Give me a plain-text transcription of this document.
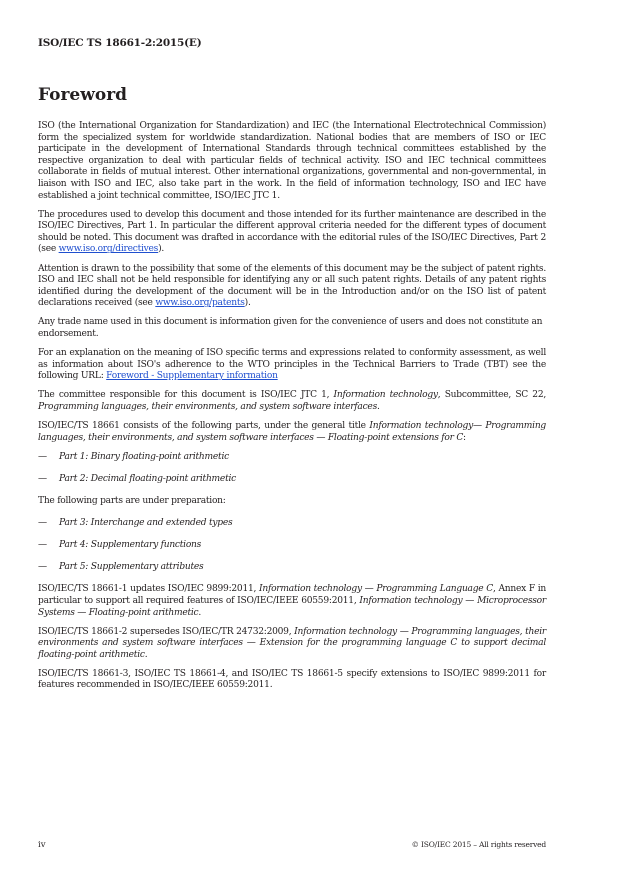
ISO/IEC TS 18661-2:2015(E)
Foreword

ISO (the International Organization for Standardization) and IEC (the International Electrotechnical Commission) form the specialized system for worldwide standardization. National bodies that are members of ISO or IEC participate in the development of International Standards through technical committees established by the respective organization to deal with particular fields of technical activity. ISO and IEC technical committees collaborate in fields of mutual interest. Other international organizations, governmental and non-governmental, in liaison with ISO and IEC, also take part in the work. In the field of information technology, ISO and IEC have established a joint technical committee, ISO/IEC JTC 1.

The procedures used to develop this document and those intended for its further maintenance are described in the ISO/IEC Directives, Part 1. In particular the different approval criteria needed for the different types of document should be noted. This document was drafted in accordance with the editorial rules of the ISO/IEC Directives, Part 2 (see www.iso.org/directives).

Attention is drawn to the possibility that some of the elements of this document may be the subject of patent rights. ISO and IEC shall not be held responsible for identifying any or all such patent rights. Details of any patent rights identified during the development of the document will be in the Introduction and/or on the ISO list of patent declarations received (see www.iso.org/patents).

Any trade name used in this document is information given for the convenience of users and does not constitute an endorsement.

For an explanation on the meaning of ISO specific terms and expressions related to conformity assessment, as well as information about ISO's adherence to the WTO principles in the Technical Barriers to Trade (TBT) see the following URL: Foreword - Supplementary information

The committee responsible for this document is ISO/IEC JTC 1, Information technology, Subcommittee, SC 22, Programming languages, their environments, and system software interfaces.

ISO/IEC/TS 18661 consists of the following parts, under the general title Information technology— Programming languages, their environments, and system software interfaces — Floating-point extensions for C:

—	Part 1: Binary floating-point arithmetic
—	Part 2: Decimal floating-point arithmetic

The following parts are under preparation:

—	Part 3: Interchange and extended types
—	Part 4: Supplementary functions
—	Part 5: Supplementary attributes

ISO/IEC/TS 18661-1 updates ISO/IEC 9899:2011, Information technology — Programming Language C, Annex F in particular to support all required features of ISO/IEC/IEEE 60559:2011, Information technology — Microprocessor Systems — Floating-point arithmetic.

ISO/IEC/TS 18661-2 supersedes ISO/IEC/TR 24732:2009, Information technology — Programming languages, their environments and system software interfaces — Extension for the programming language C to support decimal floating-point arithmetic.

ISO/IEC/TS 18661-3, ISO/IEC TS 18661-4, and ISO/IEC TS 18661-5 specify extensions to ISO/IEC 9899:2011 for features recommended in ISO/IEC/IEEE 60559:2011.

iv	© ISO/IEC 2015 – All rights reserved
